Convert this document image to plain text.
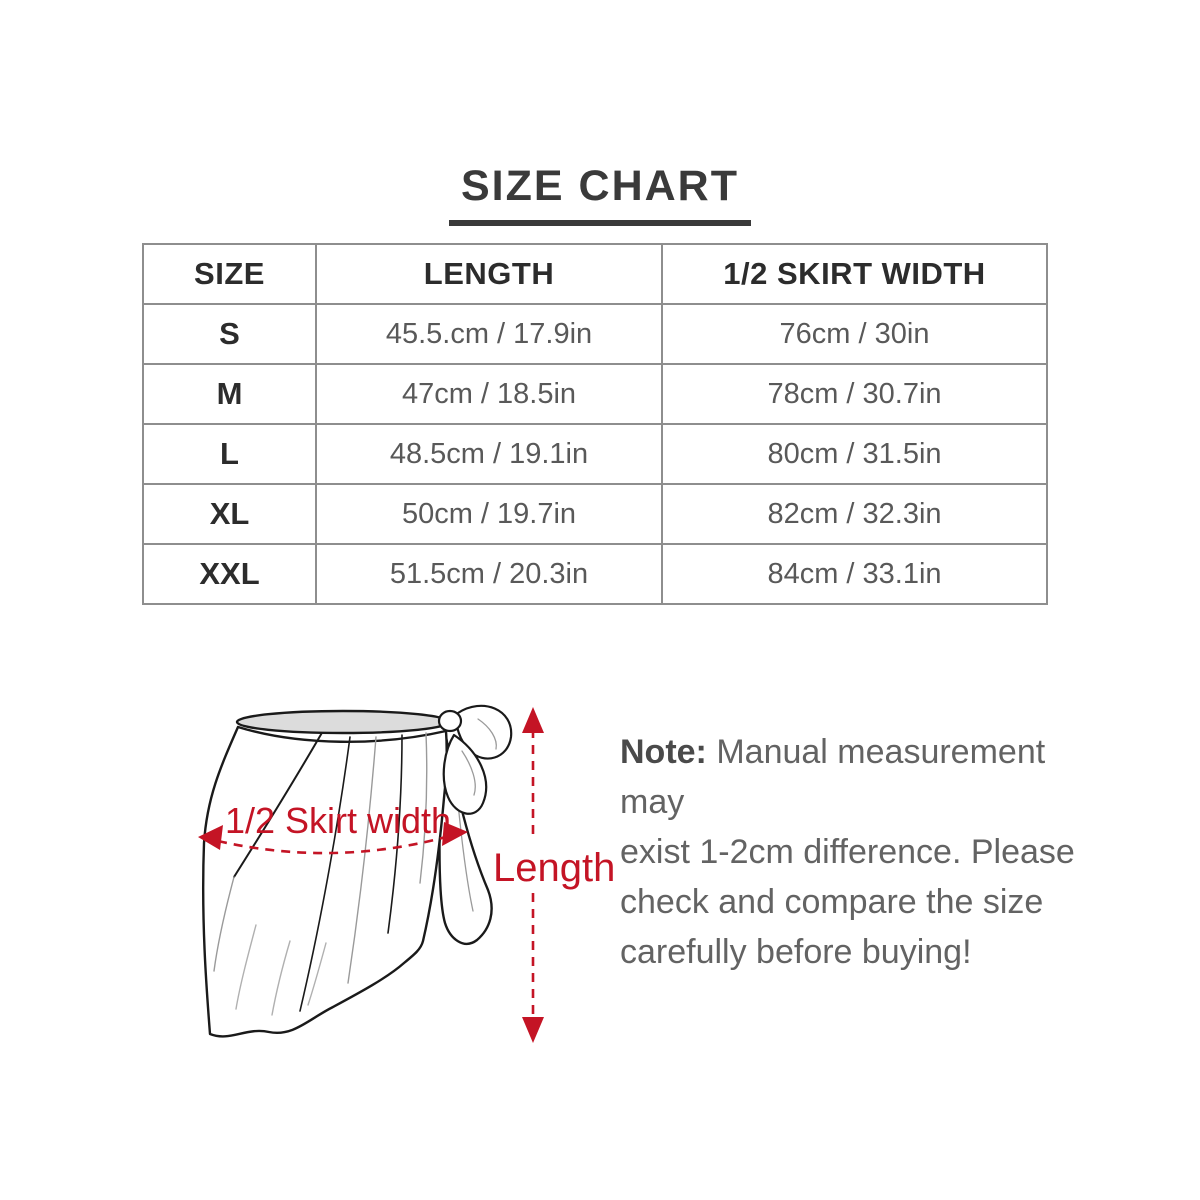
SIZE CHART
SIZE	LENGTH	1/2 SKIRT WIDTH
S	45.5.cm / 17.9in	76cm / 30in
M	47cm / 18.5in	78cm / 30.7in
L	48.5cm / 19.1in	80cm / 31.5in
XL	50cm / 19.7in	82cm / 32.3in
XXL	51.5cm / 20.3in	84cm / 33.1in
1/2 Skirt width
Length

Note: Manual measurement may

exist 1-2cm difference. Please

check and compare the size

carefully before buying!
